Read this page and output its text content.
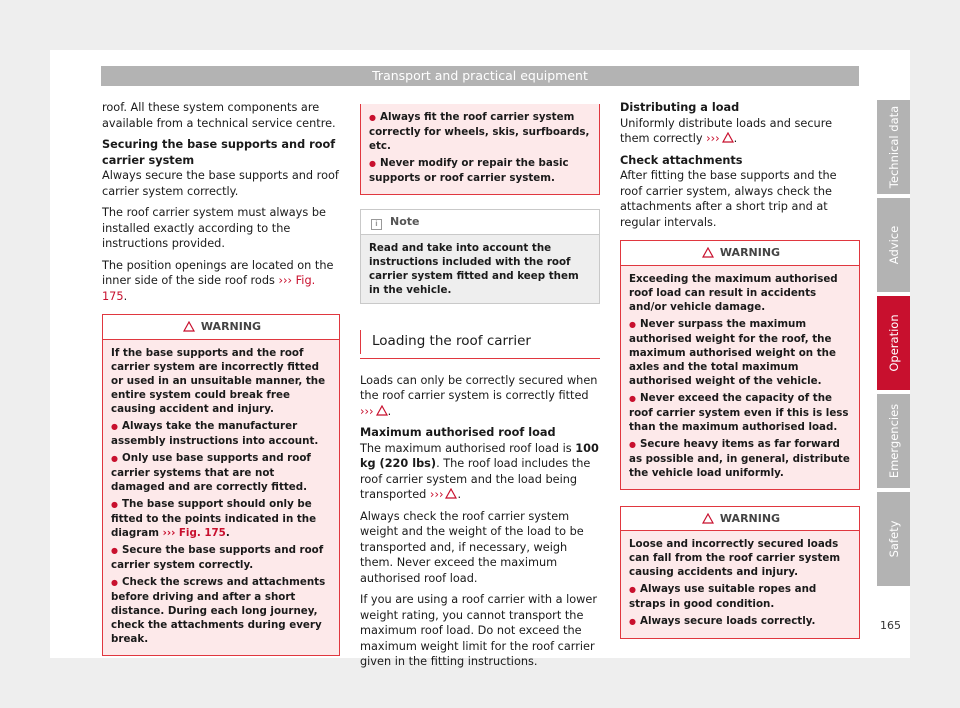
Transport and practical equipment

roof. All these system components are available from a technical service centre.

Securing the base supports and roof carrier system

Always secure the base supports and roof carrier system correctly.

The roof carrier system must always be installed exactly according to the instructions provided.

The position openings are located on the inner side of the side roof rods ››› Fig. 175.

WARNING

If the base supports and the roof carrier system are incorrectly fitted or used in an unsuitable manner, the entire system could break free causing accident and injury.

● Always take the manufacturer assembly instructions into account.

● Only use base supports and roof carrier systems that are not damaged and are correctly fitted.

● The base support should only be fitted to the points indicated in the diagram ››› Fig. 175.

● Secure the base supports and roof carrier system correctly.

● Check the screws and attachments before driving and after a short distance. During each long journey, check the attachments during every break.

● Always fit the roof carrier system correctly for wheels, skis, surfboards, etc.

● Never modify or repair the basic supports or roof carrier system.

i Note
Read and take into account the instructions included with the roof carrier system fitted and keep them in the vehicle.
Loading the roof carrier

Loads can only be correctly secured when the roof carrier system is correctly fitted ››› .

Maximum authorised roof load

The maximum authorised roof load is 100 kg (220 lbs). The roof load includes the roof carrier system and the load being transported ››› .

Always check the roof carrier system weight and the weight of the load to be transported and, if necessary, weigh them. Never exceed the maximum authorised roof load.

If you are using a roof carrier with a lower weight rating, you cannot transport the maximum roof load. Do not exceed the maximum weight limit for the roof carrier given in the fitting instructions.

Distributing a load

Uniformly distribute loads and secure them correctly ››› .

Check attachments

After fitting the base supports and the roof carrier system, always check the attachments after a short trip and at regular intervals.

WARNING

Exceeding the maximum authorised roof load can result in accidents and/or vehicle damage.

● Never surpass the maximum authorised weight for the roof, the maximum authorised weight on the axles and the total maximum authorised weight of the vehicle.

● Never exceed the capacity of the roof carrier system even if this is less than the maximum authorised load.

● Secure heavy items as far forward as possible and, in general, distribute the vehicle load uniformly.

WARNING

Loose and incorrectly secured loads can fall from the roof carrier system causing accidents and injury.

● Always use suitable ropes and straps in good condition.

● Always secure loads correctly.

Technical data
Advice
Operation
Emergencies
Safety
165
